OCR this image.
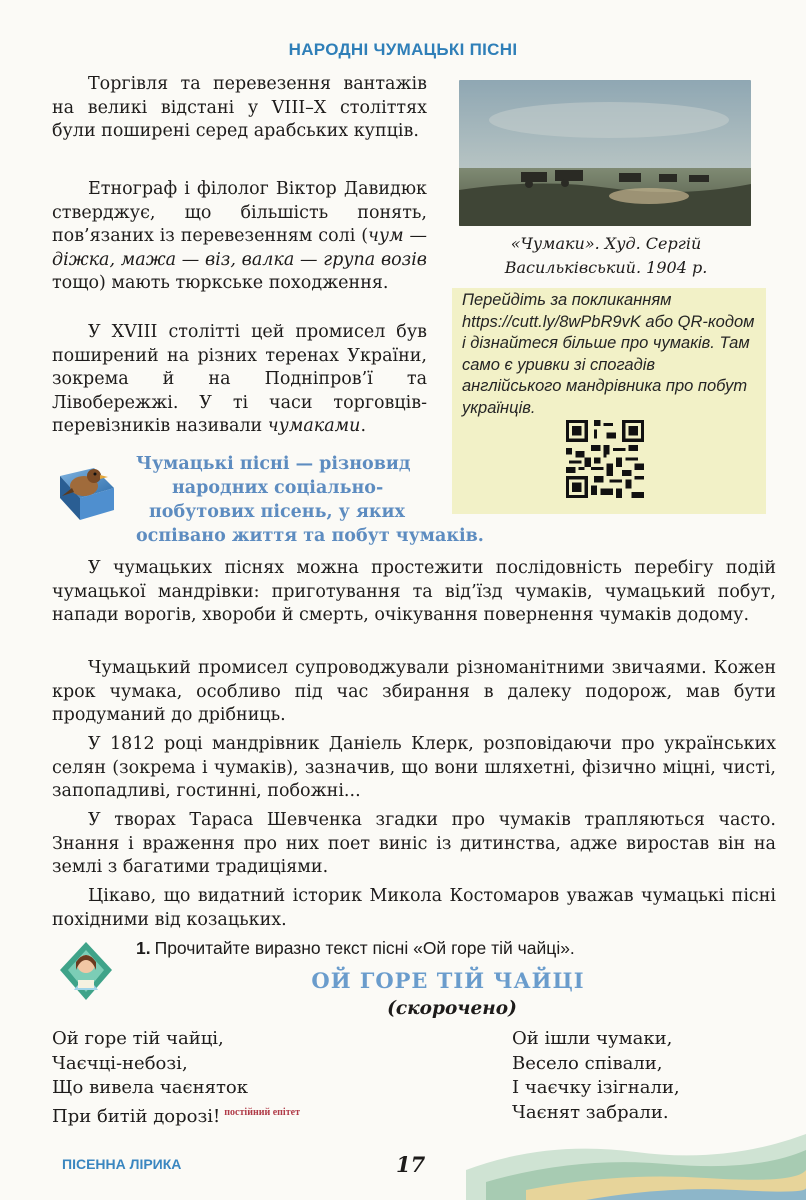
НАРОДНІ ЧУМАЦЬКІ ПІСНІ

Торгівля та перевезення вантажів на великі відстані у VIII–X століттях були поширені серед арабських купців.

Етнограф і філолог Віктор Давидюк стверджує, що більшість понять, пов’язаних із перевезенням солі (чум — діжка, мажа — віз, валка — група возів тощо) мають тюркське походження.

У XVIII столітті цей промисел був поширений на різних теренах України, зокрема й на Подніпров’ї та Лівобережжі. У ті часи торговців-перевізників називали чумаками.

«Чумаки». Худ. Сергій
Васильківський. 1904 р.
Перейдіть за покликанням https://cutt.ly/8wPbR9vK або QR-кодом і дізнайтеся більше про чумаків. Там само є уривки зі спогадів англійського мандрівника про побут українців.
Чумацькі пісні — різновид
народних соціально-
побутових пісень, у яких
оспівано життя та побут чумаків.

У чумацьких піснях можна простежити послідовність перебігу подій чумацької мандрівки: приготування та від’їзд чумаків, чумацький побут, напади ворогів, хвороби й смерть, очікування повернення чумаків додому.

Чумацький промисел супроводжували різноманітними звичаями. Кожен крок чумака, особливо під час збирання в далеку подорож, мав бути продуманий до дрібниць.

У 1812 році мандрівник Даніель Клерк, розповідаючи про українських селян (зокрема і чумаків), зазначив, що вони шляхетні, фізично міцні, чисті, запопадливі, гостинні, побожні...

У творах Тараса Шевченка згадки про чумаків трапляються часто. Знання і враження про них поет виніс із дитинства, адже виростав він на землі з багатими традиціями.

Цікаво, що видатний історик Микола Костомаров уважав чумацькі пісні похідними від козацьких.

1. Прочитайте виразно текст пісні «Ой горе тій чайці».
ОЙ ГОРЕ ТІЙ ЧАЙЦІ
(скорочено)
Ой горе тій чайці,
Чаєчці-небозі,
Що вивела чаєняток
При битій дорозі! $^{постійний епітет}$
Ой ішли чумаки,
Весело співали,
І чаєчку ізігнали,
Чаєнят забрали.
ПІСЕННА ЛІРИКА	17
